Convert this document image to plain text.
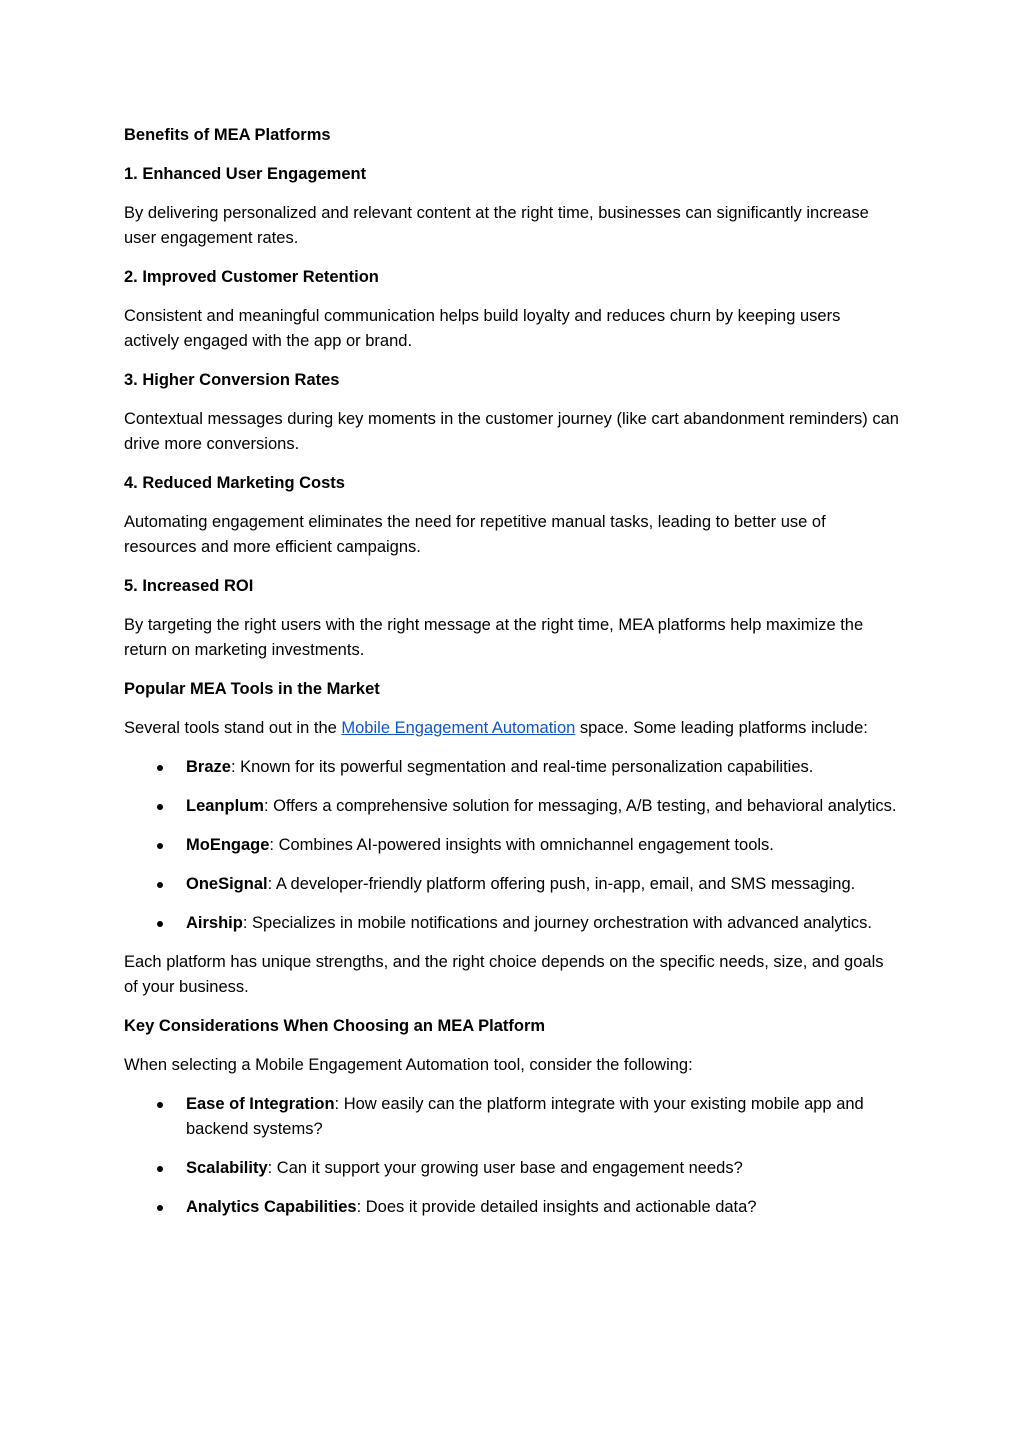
Benefits of MEA Platforms
1. Enhanced User Engagement
By delivering personalized and relevant content at the right time, businesses can significantly increase user engagement rates.
2. Improved Customer Retention
Consistent and meaningful communication helps build loyalty and reduces churn by keeping users actively engaged with the app or brand.
3. Higher Conversion Rates
Contextual messages during key moments in the customer journey (like cart abandonment reminders) can drive more conversions.
4. Reduced Marketing Costs
Automating engagement eliminates the need for repetitive manual tasks, leading to better use of resources and more efficient campaigns.
5. Increased ROI
By targeting the right users with the right message at the right time, MEA platforms help maximize the return on marketing investments.
Popular MEA Tools in the Market
Several tools stand out in the Mobile Engagement Automation space. Some leading platforms include:
Braze: Known for its powerful segmentation and real-time personalization capabilities.
Leanplum: Offers a comprehensive solution for messaging, A/B testing, and behavioral analytics.
MoEngage: Combines AI-powered insights with omnichannel engagement tools.
OneSignal: A developer-friendly platform offering push, in-app, email, and SMS messaging.
Airship: Specializes in mobile notifications and journey orchestration with advanced analytics.
Each platform has unique strengths, and the right choice depends on the specific needs, size, and goals of your business.
Key Considerations When Choosing an MEA Platform
When selecting a Mobile Engagement Automation tool, consider the following:
Ease of Integration: How easily can the platform integrate with your existing mobile app and backend systems?
Scalability: Can it support your growing user base and engagement needs?
Analytics Capabilities: Does it provide detailed insights and actionable data?
